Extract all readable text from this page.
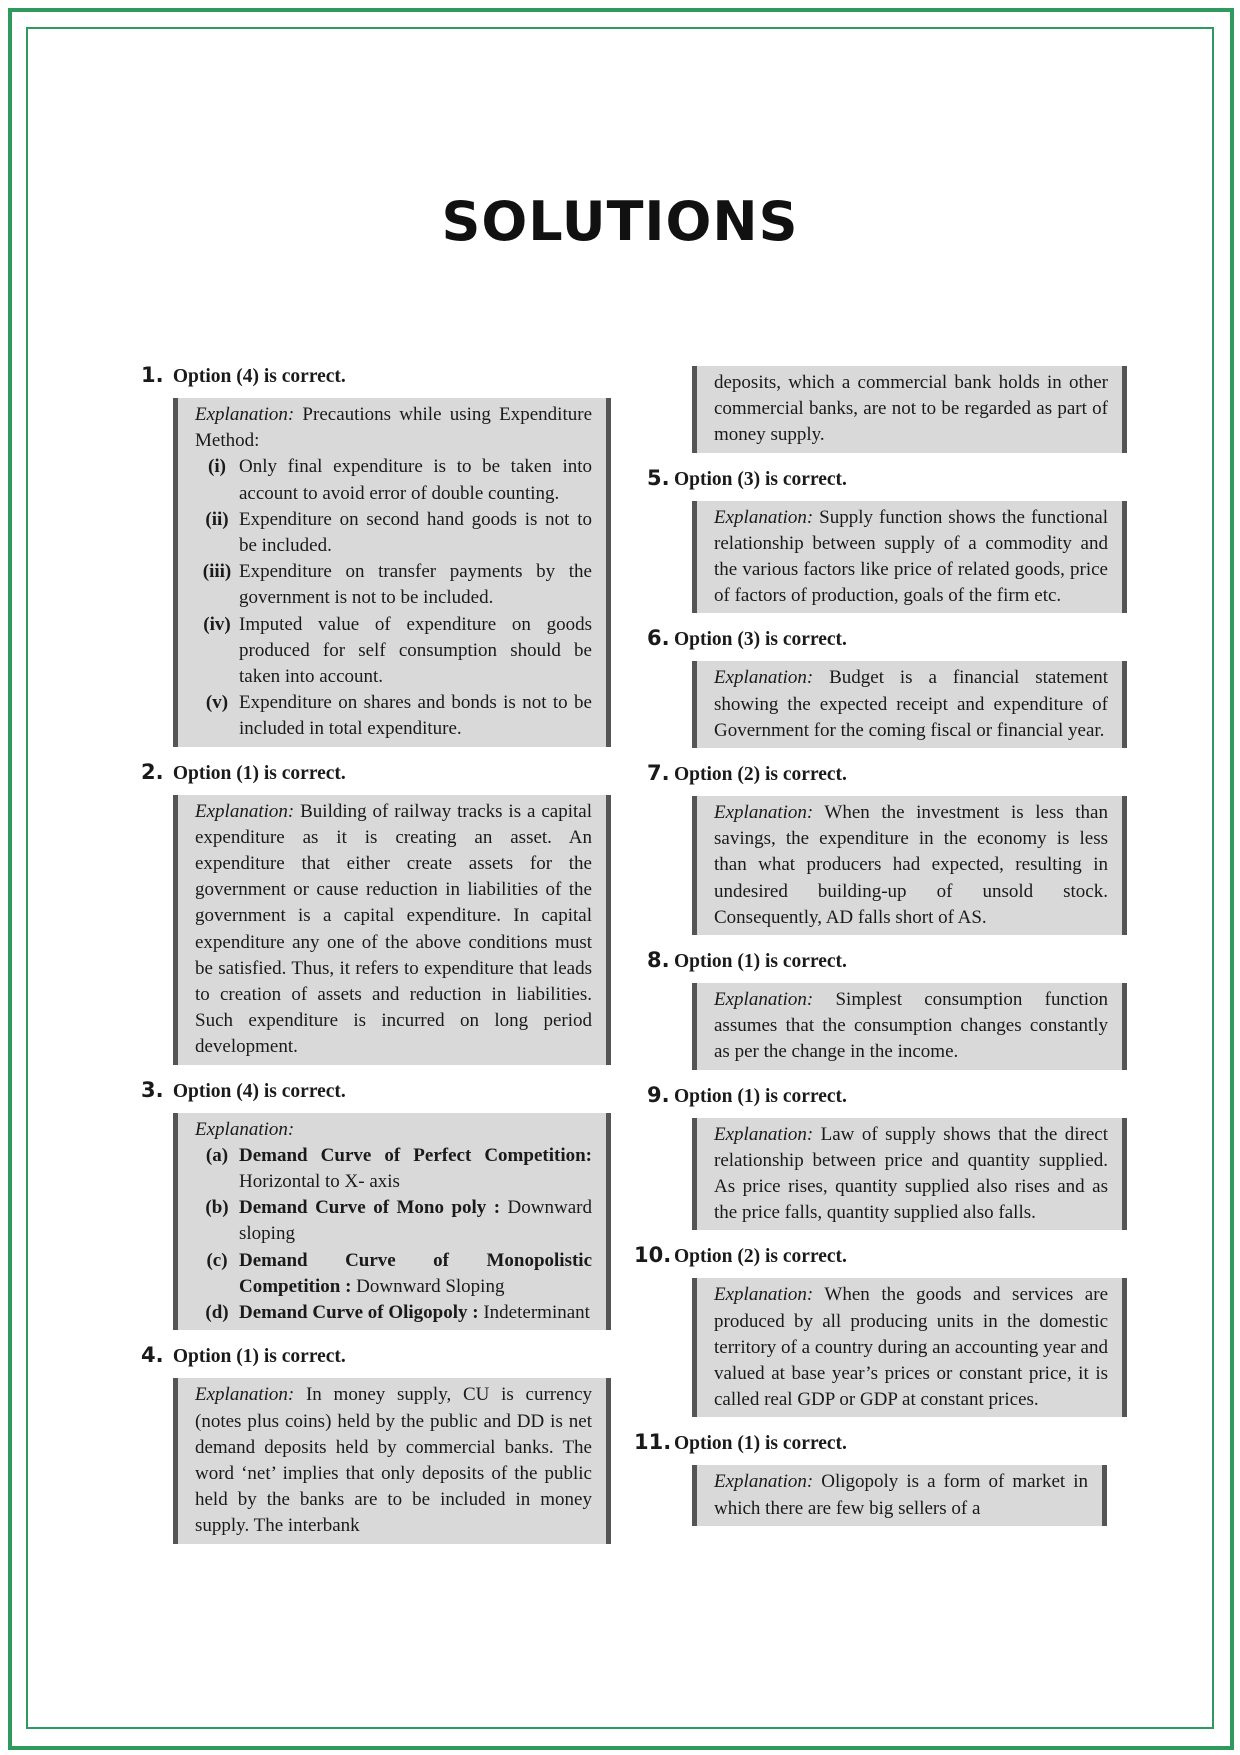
SOLUTIONS
1. Option (4) is correct.
Explanation: Precautions while using Expenditure Method:
(i) Only final expenditure is to be taken into account to avoid error of double counting.
(ii) Expenditure on second hand goods is not to be included.
(iii) Expenditure on transfer payments by the government is not to be included.
(iv) Imputed value of expenditure on goods produced for self consumption should be taken into account.
(v) Expenditure on shares and bonds is not to be included in total expenditure.
2. Option (1) is correct.
Explanation: Building of railway tracks is a capital expenditure as it is creating an asset. An expenditure that either create assets for the government or cause reduction in liabilities of the government is a capital expenditure. In capital expenditure any one of the above conditions must be satisfied. Thus, it refers to expenditure that leads to creation of assets and reduction in liabilities. Such expenditure is incurred on long period development.
3. Option (4) is correct.
Explanation:
(a) Demand Curve of Perfect Competition: Horizontal to X- axis
(b) Demand Curve of Mono poly : Downward sloping
(c) Demand Curve of Monopolistic Competition : Downward Sloping
(d) Demand Curve of Oligopoly : Indeterminant
4. Option (1) is correct.
Explanation: In money supply, CU is currency (notes plus coins) held by the public and DD is net demand deposits held by commercial banks. The word ‘net’ implies that only deposits of the public held by the banks are to be included in money supply. The interbank
deposits, which a commercial bank holds in other commercial banks, are not to be regarded as part of money supply.
5. Option (3) is correct.
Explanation: Supply function shows the functional relationship between supply of a commodity and the various factors like price of related goods, price of factors of production, goals of the firm etc.
6. Option (3) is correct.
Explanation: Budget is a financial statement showing the expected receipt and expenditure of Government for the coming fiscal or financial year.
7. Option (2) is correct.
Explanation: When the investment is less than savings, the expenditure in the economy is less than what producers had expected, resulting in undesired building-up of unsold stock. Consequently, AD falls short of AS.
8. Option (1) is correct.
Explanation: Simplest consumption function assumes that the consumption changes constantly as per the change in the income.
9. Option (1) is correct.
Explanation: Law of supply shows that the direct relationship between price and quantity supplied. As price rises, quantity supplied also rises and as the price falls, quantity supplied also falls.
10. Option (2) is correct.
Explanation: When the goods and services are produced by all producing units in the domestic territory of a country during an accounting year and valued at base year’s prices or constant price, it is called real GDP or GDP at constant prices.
11. Option (1) is correct.
Explanation: Oligopoly is a form of market in which there are few big sellers of a
